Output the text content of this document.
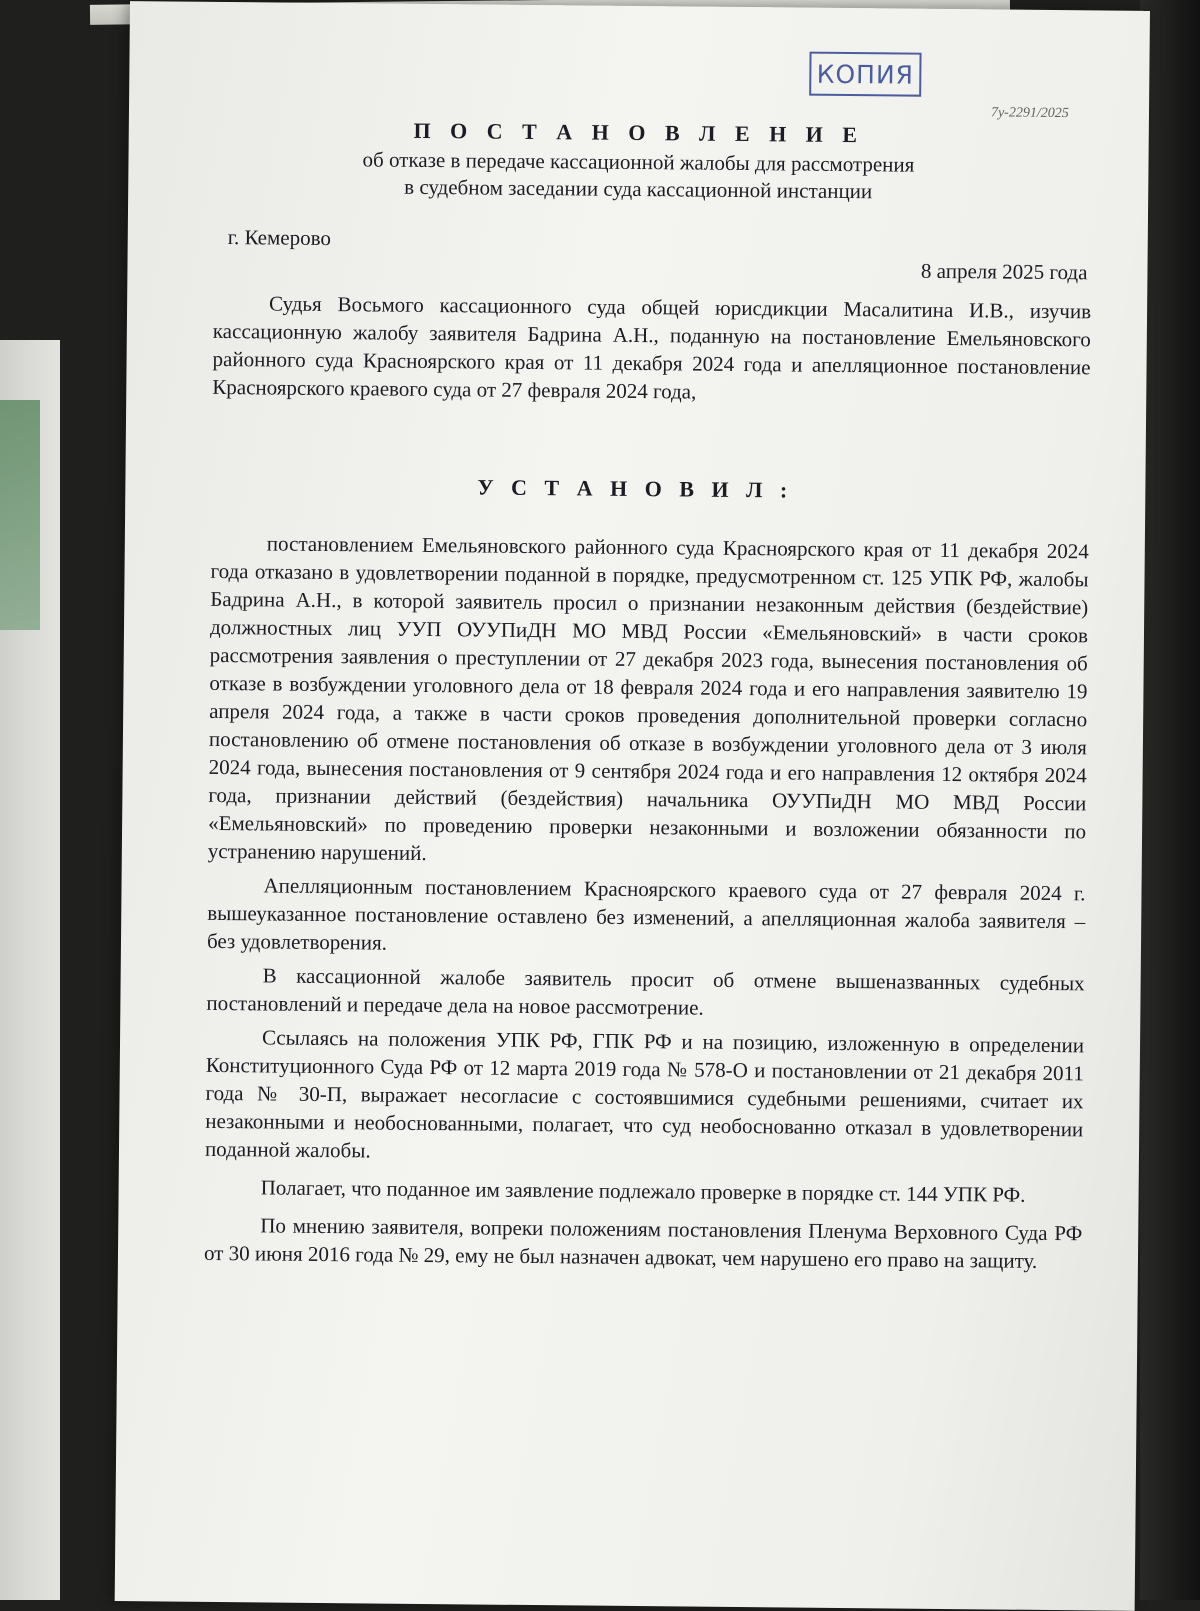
КОПИЯ
7у-2291/2025
П О С Т А Н О В Л Е Н И Е
об отказе в передаче кассационной жалобы для рассмотрения
в судебном заседании суда кассационной инстанции
г. Кемерово
8 апреля 2025 года

Судья Восьмого кассационного суда общей юрисдикции Масалитина И.В., изучив кассационную жалобу заявителя Бадрина А.Н., поданную на постановление Емельяновского районного суда Красноярского края от 11 декабря 2024 года и апелляционное постановление Красноярского краевого суда от 27 февраля 2024 года,

У С Т А Н О В И Л :

постановлением Емельяновского районного суда Красноярского края от 11 декабря 2024 года отказано в удовлетворении поданной в порядке, предусмотренном ст. 125 УПК РФ, жалобы Бадрина А.Н., в которой заявитель просил о признании незаконным действия (бездействие) должностных лиц УУП ОУУПиДН МО МВД России «Емельяновский» в части сроков рассмотрения заявления о преступлении от 27 декабря 2023 года, вынесения постановления об отказе в возбуждении уголовного дела от 18 февраля 2024 года и его направления заявителю 19 апреля 2024 года, а также в части сроков проведения дополнительной проверки согласно постановлению об отмене постановления об отказе в возбуждении уголовного дела от 3 июля 2024 года, вынесения постановления от 9 сентября 2024 года и его направления 12 октября 2024 года, признании действий (бездействия) начальника ОУУПиДН МО МВД России «Емельяновский» по проведению проверки незаконными и возложении обязанности по устранению нарушений.

Апелляционным постановлением Красноярского краевого суда от 27 февраля 2024 г. вышеуказанное постановление оставлено без изменений, а апелляционная жалоба заявителя – без удовлетворения.

В кассационной жалобе заявитель просит об отмене вышеназванных судебных постановлений и передаче дела на новое рассмотрение.

Ссылаясь на положения УПК РФ, ГПК РФ и на позицию, изложенную в определении Конституционного Суда РФ от 12 марта 2019 года № 578-О и постановлении от 21 декабря 2011 года № 30-П, выражает несогласие с состоявшимися судебными решениями, считает их незаконными и необоснованными, полагает, что суд необоснованно отказал в удовлетворении поданной жалобы.

Полагает, что поданное им заявление подлежало проверке в порядке ст. 144 УПК РФ.

По мнению заявителя, вопреки положениям постановления Пленума Верховного Суда РФ от 30 июня 2016 года № 29, ему не был назначен адвокат, чем нарушено его право на защиту.
